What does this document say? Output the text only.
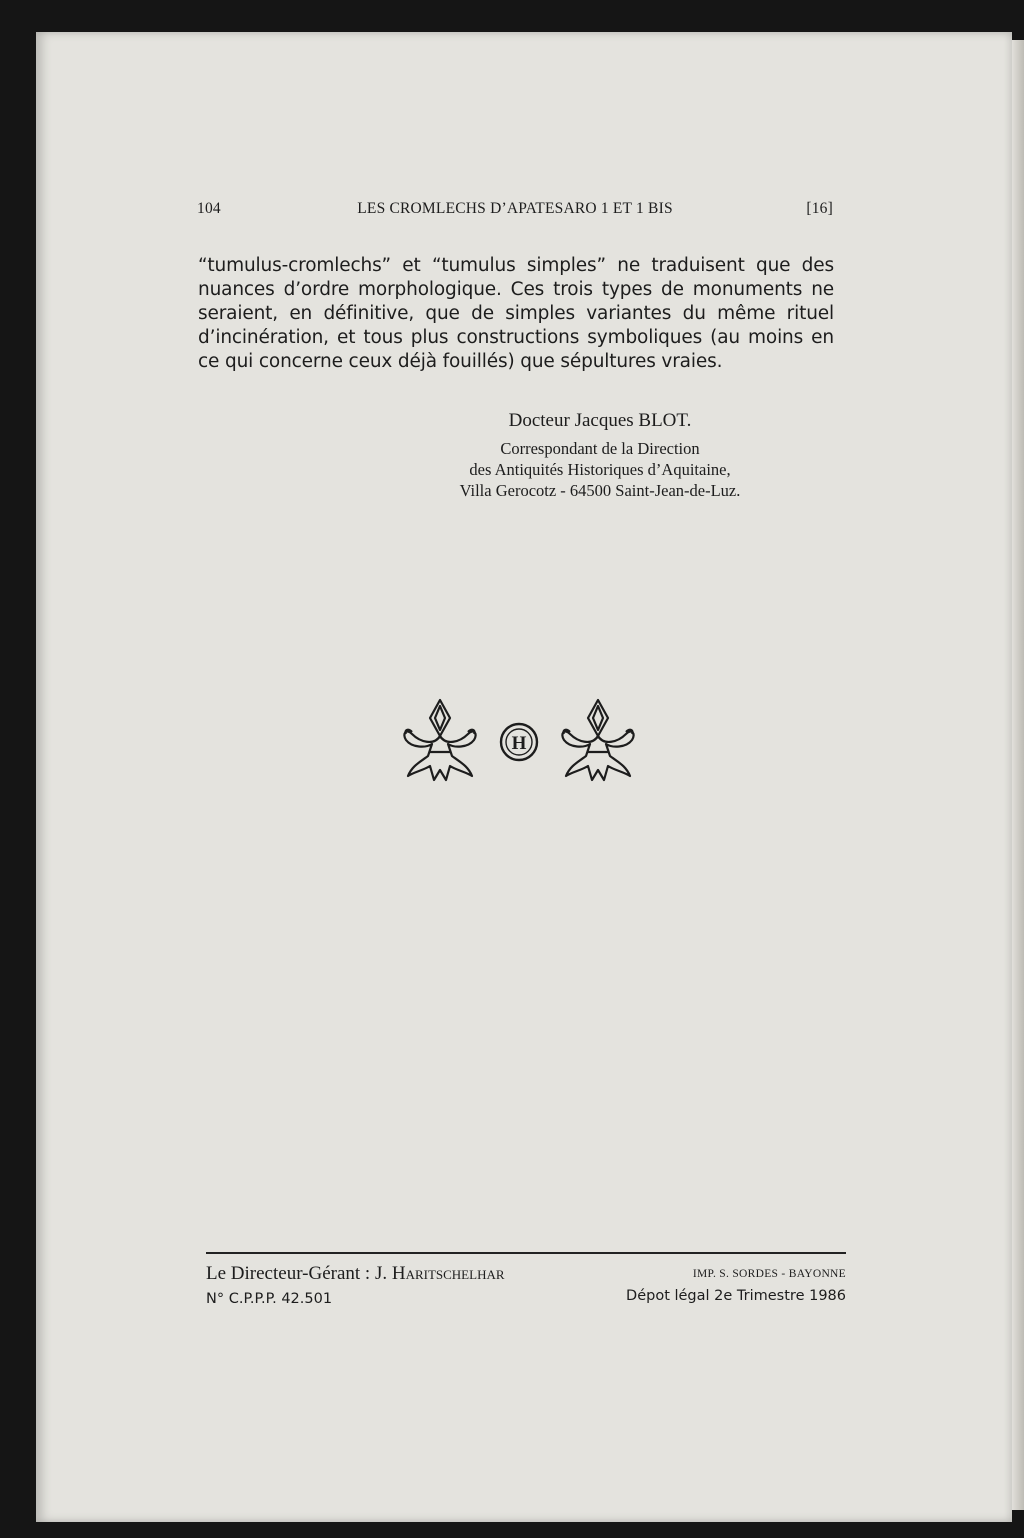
104	LES CROMLECHS D’APATESARO 1 ET 1 BIS	[16]

“tumulus-cromlechs” et “tumulus simples” ne traduisent que des nuances d’ordre morphologique. Ces trois types de monuments ne seraient, en définitive, que de simples variantes du même rituel d’incinération, et tous plus constructions symboliques (au moins en ce qui concerne ceux déjà fouillés) que sépultures vraies.

Docteur Jacques BLOT.
Correspondant de la Direction
des Antiquités Historiques d’Aquitaine,
Villa Gerocotz - 64500 Saint-Jean-de-Luz.
H
Le Directeur-Gérant : J. Haritschelhar	IMP. S. SORDES - BAYONNE
N° C.P.P.P. 42.501	Dépot légal 2e Trimestre 1986
